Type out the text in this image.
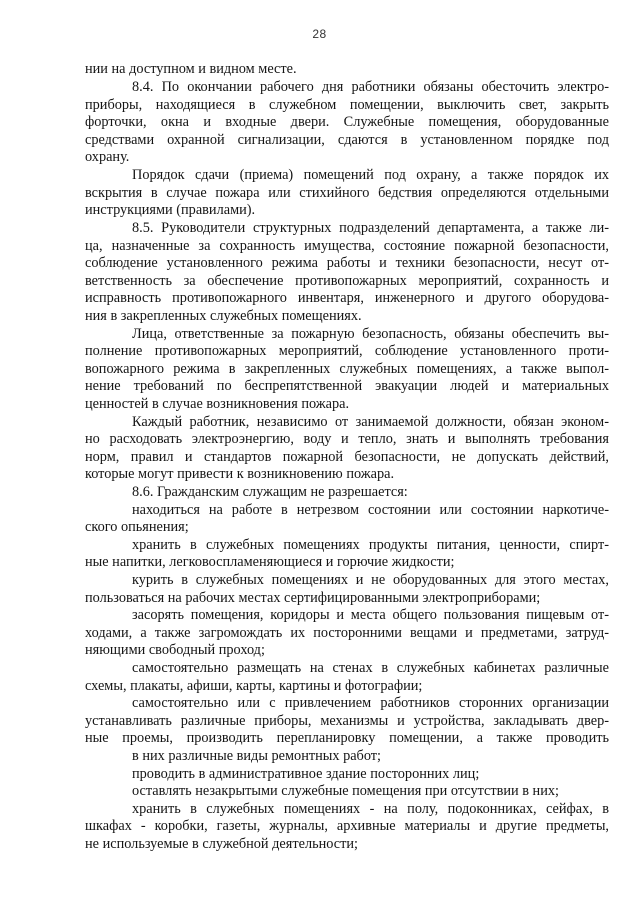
28
нии на доступном и видном месте.
8.4. По окончании рабочего дня работники обязаны обесточить электро-
приборы, находящиеся в служебном помещении, выключить свет, закрыть
форточки, окна и входные двери. Служебные помещения, оборудованные
средствами охранной сигнализации, сдаются в установленном порядке под
охрану.
Порядок сдачи (приема) помещений под охрану, а также порядок их
вскрытия в случае пожара или стихийного бедствия определяются отдельными
инструкциями (правилами).
8.5. Руководители структурных подразделений департамента, а также ли-
ца, назначенные за сохранность имущества, состояние пожарной безопасности,
соблюдение установленного режима работы и техники безопасности, несут от-
ветственность за обеспечение противопожарных мероприятий, сохранность и
исправность противопожарного инвентаря, инженерного и другого оборудова-
ния в закрепленных служебных помещениях.
Лица, ответственные за пожарную безопасность, обязаны обеспечить вы-
полнение противопожарных мероприятий, соблюдение установленного проти-
вопожарного режима в закрепленных служебных помещениях, а также выпол-
нение требований по беспрепятственной эвакуации людей и материальных
ценностей в случае возникновения пожара.
Каждый работник, независимо от занимаемой должности, обязан эконом-
но расходовать электроэнергию, воду и тепло, знать и выполнять требования
норм, правил и стандартов пожарной безопасности, не допускать действий,
которые могут привести к возникновению пожара.
8.6. Гражданским служащим не разрешается:
находиться на работе в нетрезвом состоянии или состоянии наркотиче-
ского опьянения;
хранить в служебных помещениях продукты питания, ценности, спирт-
ные напитки, легковоспламеняющиеся и горючие жидкости;
курить в служебных помещениях и не оборудованных для этого местах,
пользоваться на рабочих местах сертифицированными электроприборами;
засорять помещения, коридоры и места общего пользования пищевым от-
ходами, а также загромождать их посторонними вещами и предметами, затруд-
няющими свободный проход;
самостоятельно размещать на стенах в служебных кабинетах различные
схемы, плакаты, афиши, карты, картины и фотографии;
самостоятельно или с привлечением работников сторонних организации
устанавливать различные приборы, механизмы и устройства, закладывать двер-
ные проемы, производить перепланировку помещении, а также проводить
в них различные виды ремонтных работ;
проводить в административное здание посторонних лиц;
оставлять незакрытыми служебные помещения при отсутствии в них;
хранить в служебных помещениях - на полу, подоконниках, сейфах, в
шкафах - коробки, газеты, журналы, архивные материалы и другие предметы,
не используемые в служебной деятельности;
